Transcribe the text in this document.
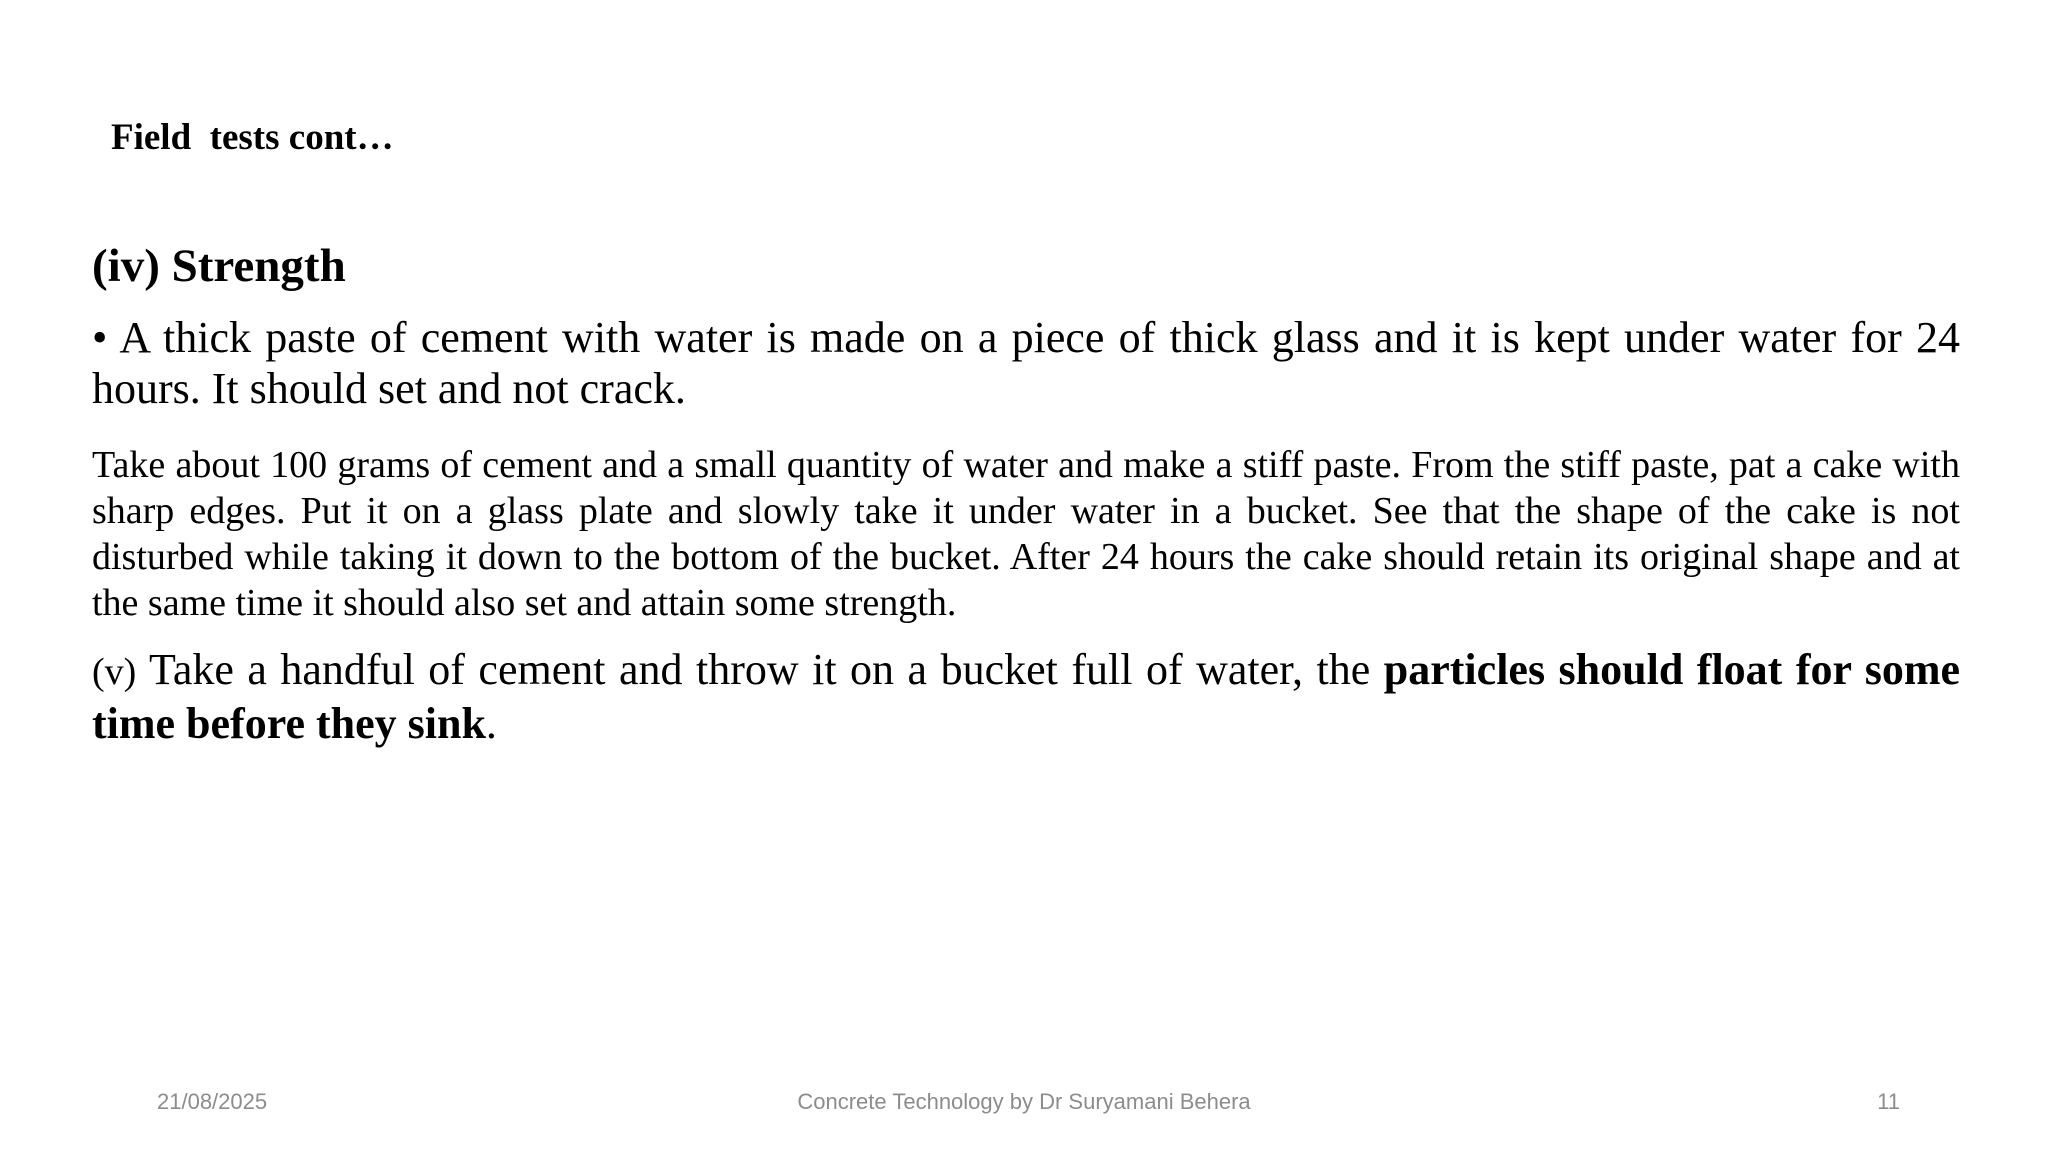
Field  tests cont…
(iv) Strength
• A thick paste of cement with water is made on a piece of thick glass and it is kept under water for 24 hours. It should set and not crack.
Take about 100 grams of cement and a small quantity of water and make a stiff paste. From the stiff paste, pat a cake with sharp edges. Put it on a glass plate and slowly take it under water in a bucket. See that the shape of the cake is not disturbed while taking it down to the bottom of the bucket. After 24 hours the cake should retain its original shape and at the same time it should also set and attain some strength.
(v) Take a handful of cement and throw it on a bucket full of water, the particles should float for some time before they sink.
21/08/2025	Concrete Technology by Dr Suryamani Behera	11
